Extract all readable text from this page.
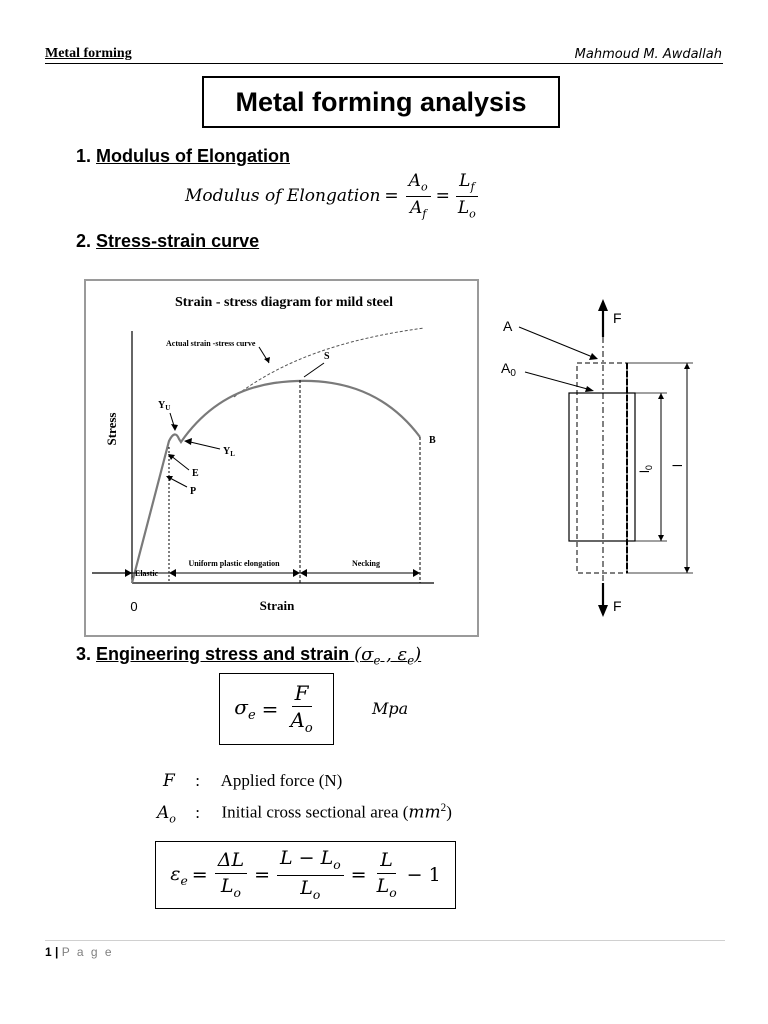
Metal forming	Mahmoud M. Awdallah
Metal forming analysis
1. Modulus of Elongation
Modulus of Elongation = $\frac{A_o}{A_f} = \frac{L_f}{L_o}$
2. Stress-strain curve
Strain - stress diagram for mild steel
Stress
Strain
0
Actual strain -stress curve
S
B
$Y_U$
$Y_L$
E
P
Elastic
Uniform plastic elongation	Necking
F
F
A
$A_0$
$l_0$ l
3. Engineering stress and strain ($\sigma_e$ , $\varepsilon_e$)
$\sigma_e = \frac{F}{A_o}$	Mpa
F : Applied force (N)
$A_o$ : Initial cross sectional area $(mm^2)$
$\varepsilon_e = \frac{\Delta L}{L_o} = \frac{L - L_o}{L_o} = \frac{L}{L_o} - 1$
1 | P a g e
